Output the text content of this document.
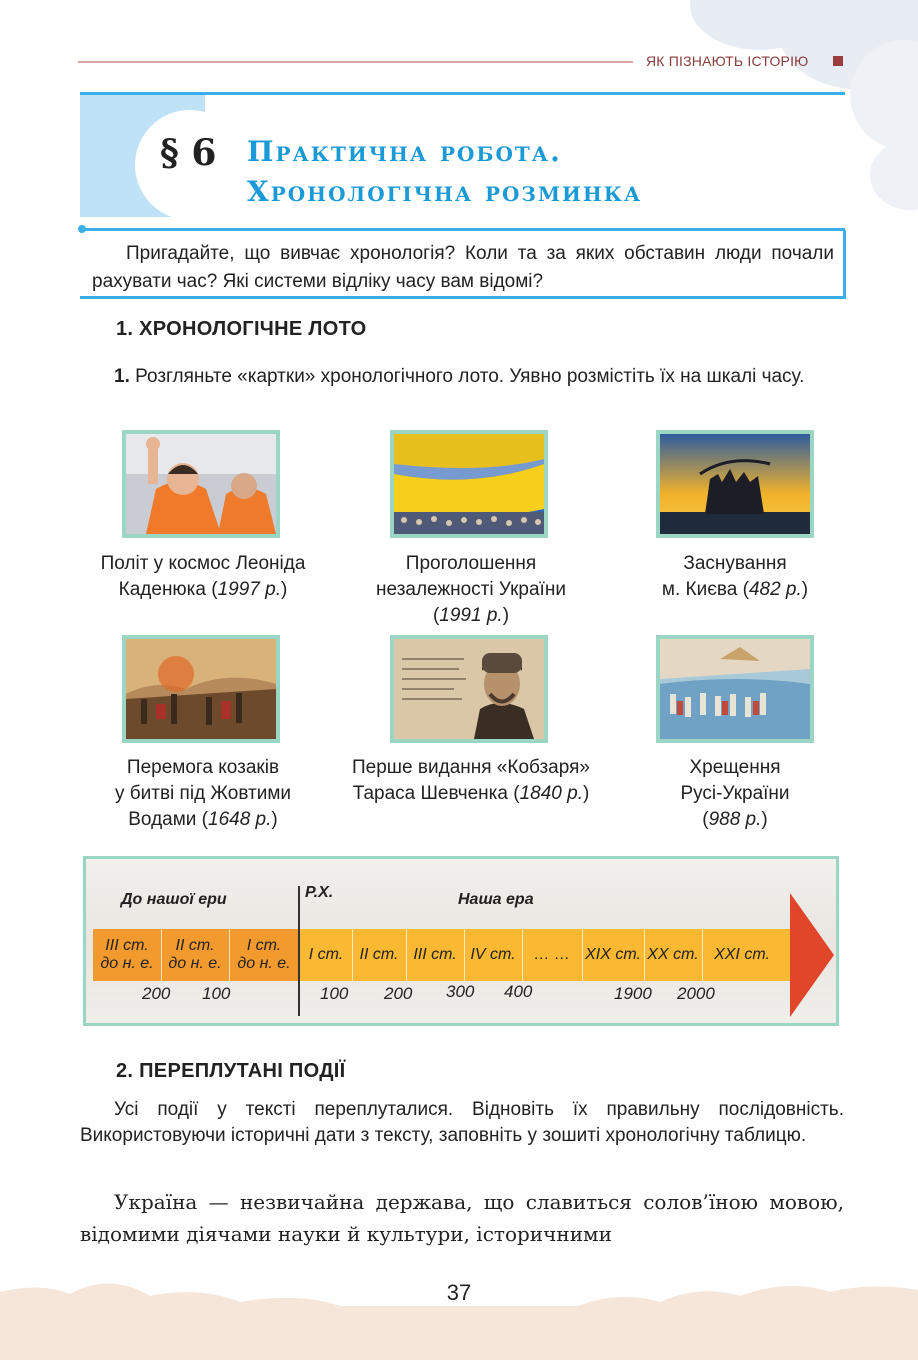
ЯК ПІЗНАЮТЬ ІСТОРІЮ
§ 6 Практична робота.
Хронологічна розминка
Пригадайте, що вивчає хронологія? Коли та за яких обставин люди почали рахувати час? Які системи відліку часу вам відомі?
1. ХРОНОЛОГІЧНЕ ЛОТО
1. Розгляньте «картки» хронологічного лото. Уявно розмістіть їх на шкалі часу.
Політ у космос Леоніда
Каденюка (1997 р.)
Проголошення
незалежності України
(1991 р.)
Заснування
м. Києва (482 р.)
Перемога козаків
у битві під Жовтими
Водами (1648 р.)
Перше видання «Кобзаря»
Тараса Шевченка (1840 р.)
Хрещення
Русі-України
(988 р.)
До нашої ери	Р.Х.	Наша ера
III ст.
до н. е.
II ст.
до н. е.
I ст.
до н. е.
I ст.	II ст. III ст. IV ст.	… … XIX ст. XX ст. XXI ст.
200 100	100 200 300 400	1900 2000
2. ПЕРЕПЛУТАНІ ПОДІЇ
Усі події у тексті переплуталися. Відновіть їх правильну послідовність. Використовуючи історичні дати з тексту, заповніть у зошиті хронологічну таблицю.
Україна — незвичайна держава, що славиться солов’їною мовою, відомими діячами науки й культури, історичними
37
